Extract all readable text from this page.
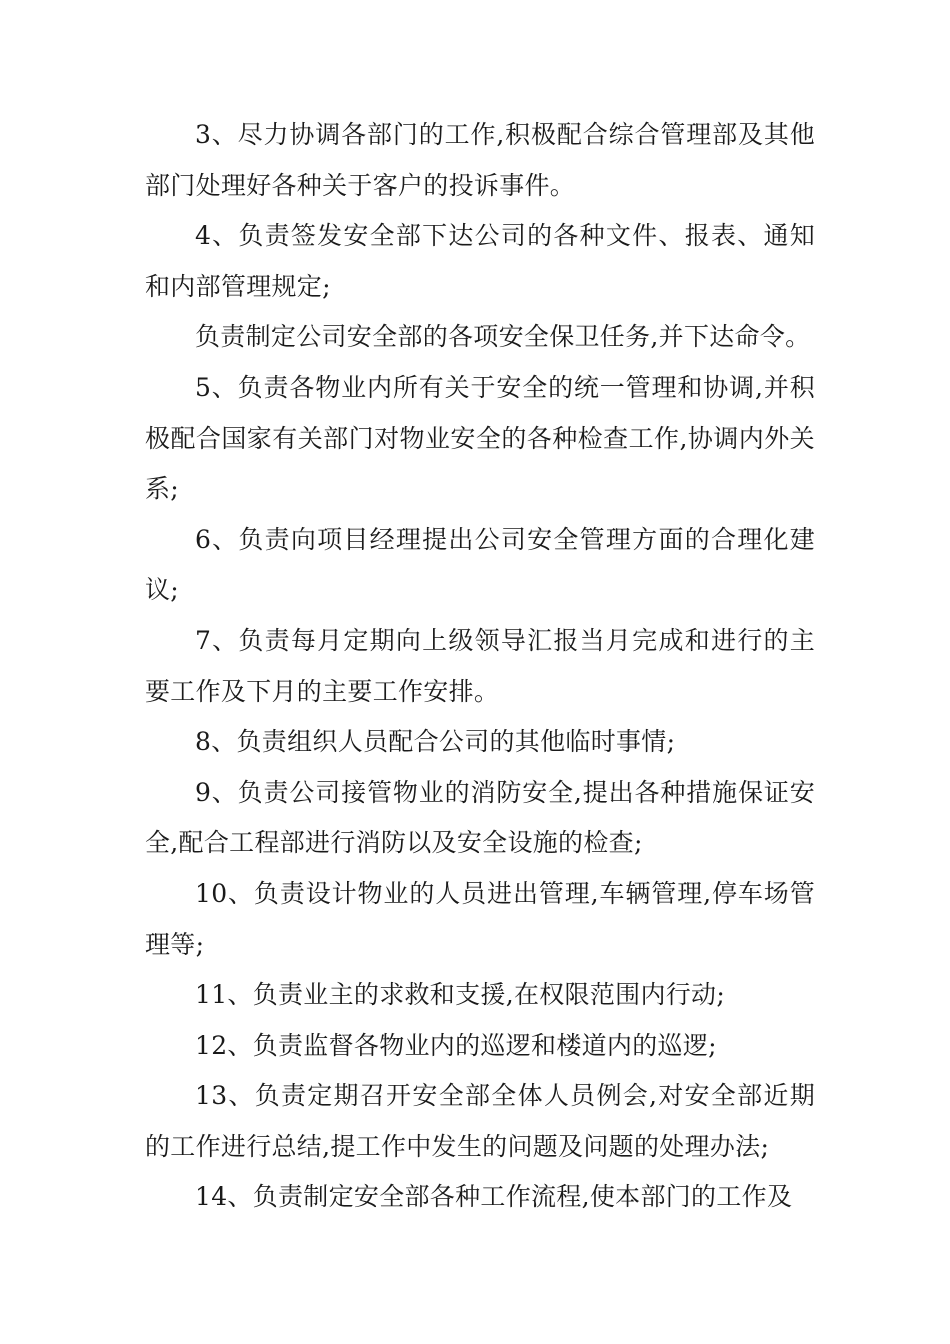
3、尽力协调各部门的工作,积极配合综合管理部及其他部门处理好各种关于客户的投诉事件。

4、负责签发安全部下达公司的各种文件、报表、通知和内部管理规定;

负责制定公司安全部的各项安全保卫任务,并下达命令。

5、负责各物业内所有关于安全的统一管理和协调,并积极配合国家有关部门对物业安全的各种检查工作,协调内外关系;

6、负责向项目经理提出公司安全管理方面的合理化建议;

7、负责每月定期向上级领导汇报当月完成和进行的主要工作及下月的主要工作安排。

8、负责组织人员配合公司的其他临时事情;

9、负责公司接管物业的消防安全,提出各种措施保证安全,配合工程部进行消防以及安全设施的检查;

10、负责设计物业的人员进出管理,车辆管理,停车场管理等;

11、负责业主的求救和支援,在权限范围内行动;

12、负责监督各物业内的巡逻和楼道内的巡逻;

13、负责定期召开安全部全体人员例会,对安全部近期的工作进行总结,提工作中发生的问题及问题的处理办法;

14、负责制定安全部各种工作流程,使本部门的工作及
